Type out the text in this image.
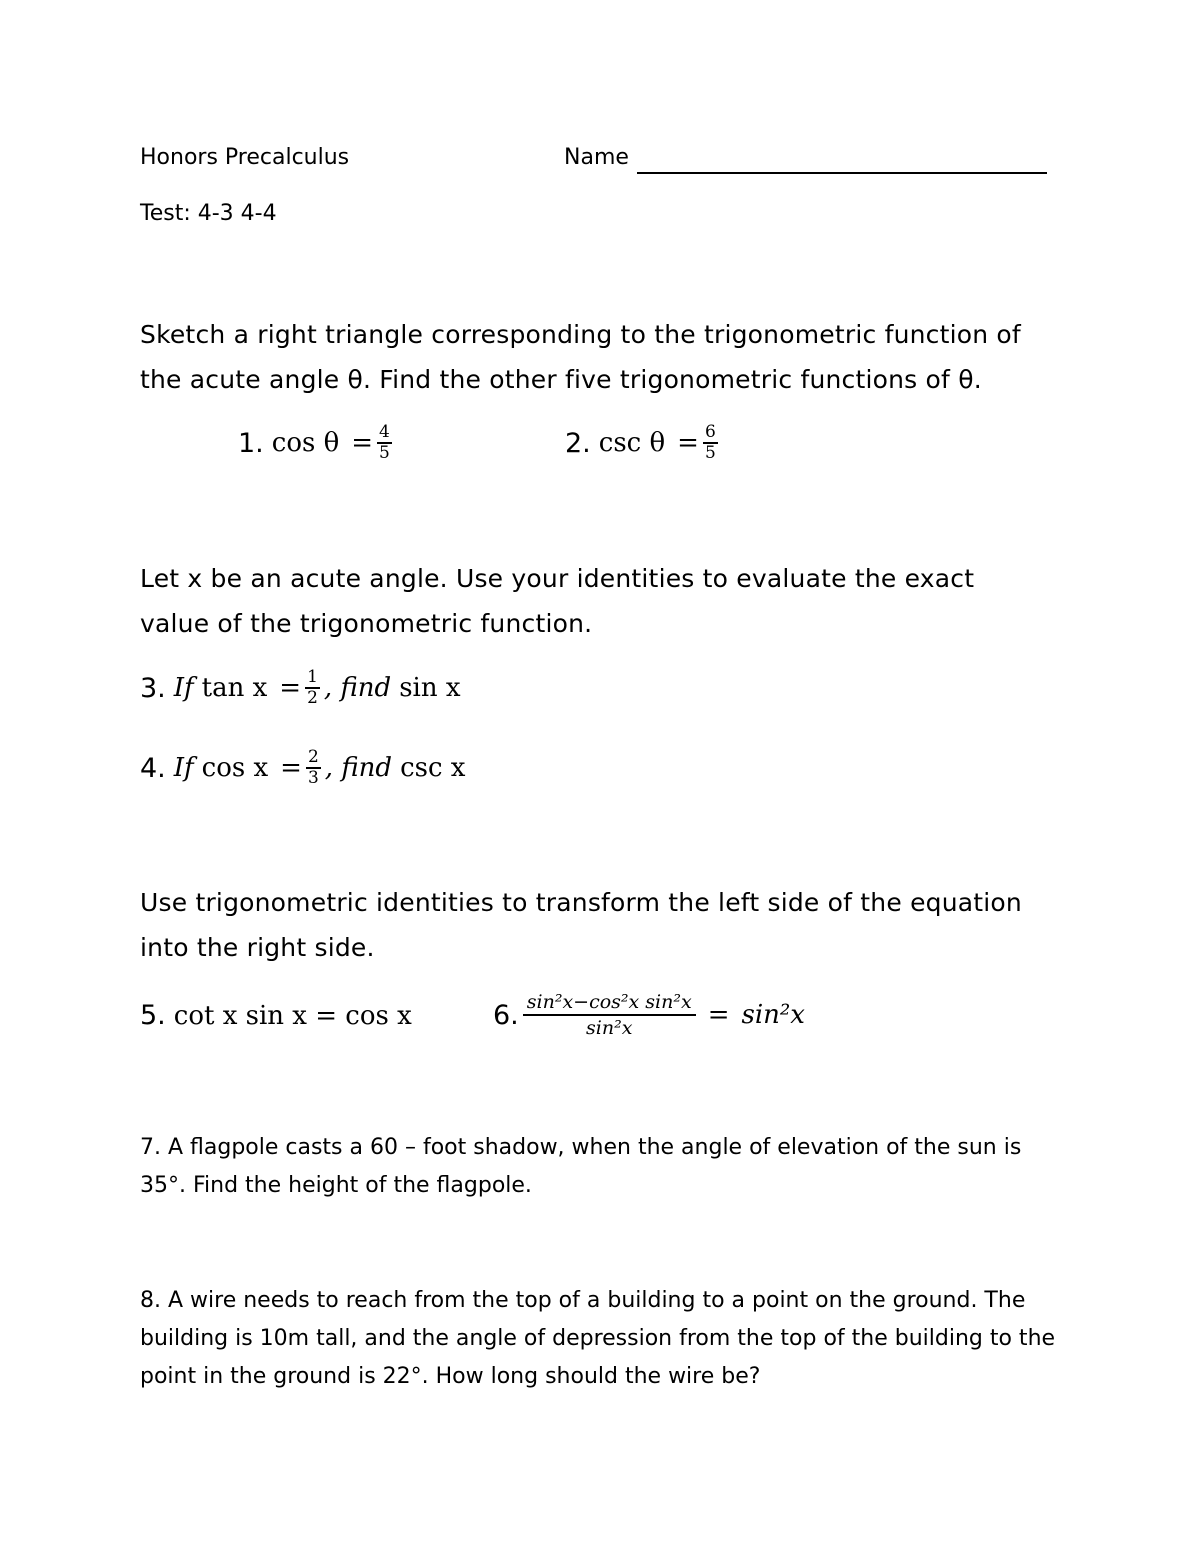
Honors Precalculus	Name
Test: 4-3 4-4
Sketch a right triangle corresponding to the trigonometric function of
the acute angle θ. Find the other five trigonometric functions of θ.
1. $\cos \theta = \frac{4}{5}$	2. $\csc \theta = \frac{6}{5}$
Let x be an acute angle. Use your identities to evaluate the exact
value of the trigonometric function.
3. If $\tan x = \frac{1}{2}$ , find sin x
4. If $\cos x = \frac{2}{3}$ , find csc x
Use trigonometric identities to transform the left side of the equation
into the right side.
5. cot x sin x = cos x	6. $\frac{\text{sin²x−cos²x sin²x}}{\text{sin²x}} = \sin^2x$
7. A flagpole casts a 60 – foot shadow, when the angle of elevation of the sun is
35°. Find the height of the flagpole.
8. A wire needs to reach from the top of a building to a point on the ground. The
building is 10m tall, and the angle of depression from the top of the building to the
point in the ground is 22°. How long should the wire be?
